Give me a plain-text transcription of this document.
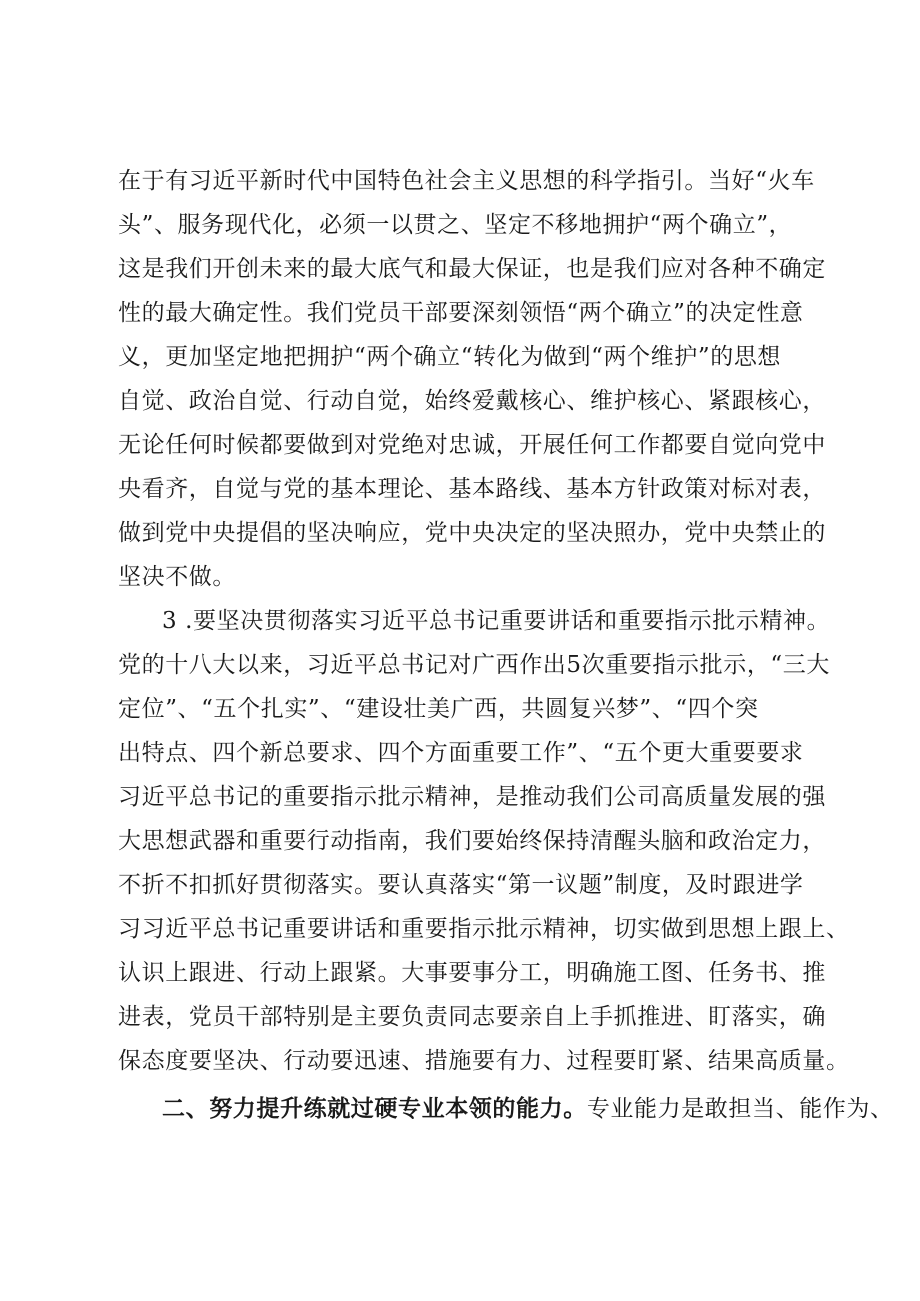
在于有习近平新时代中国特色社会主义思想的科学指引。当好“火车
头”、服务现代化，必须一以贯之、坚定不移地拥护“两个确立”，
这是我们开创未来的最大底气和最大保证，也是我们应对各种不确定
性的最大确定性。我们党员干部要深刻领悟“两个确立”的决定性意
义，更加坚定地把拥护“两个确立“转化为做到“两个维护”的思想
自觉、政治自觉、行动自觉，始终爱戴核心、维护核心、紧跟核心，
无论任何时候都要做到对党绝对忠诚，开展任何工作都要自觉向党中
央看齐，自觉与党的基本理论、基本路线、基本方针政策对标对表，
做到党中央提倡的坚决响应，党中央决定的坚决照办，党中央禁止的
坚决不做。
3 .要坚决贯彻落实习近平总书记重要讲话和重要指示批示精神。
党的十八大以来，习近平总书记对广西作出5次重要指示批示，“三大
定位”、“五个扎实”、“建设壮美广西，共圆复兴梦”、“四个突
出特点、四个新总要求、四个方面重要工作”、“五个更大重要要求
习近平总书记的重要指示批示精神，是推动我们公司高质量发展的强
大思想武器和重要行动指南，我们要始终保持清醒头脑和政治定力，
不折不扣抓好贯彻落实。要认真落实“第一议题”制度，及时跟进学
习习近平总书记重要讲话和重要指示批示精神，切实做到思想上跟上、
认识上跟进、行动上跟紧。大事要事分工，明确施工图、任务书、推
进表，党员干部特别是主要负责同志要亲自上手抓推进、盯落实，确
保态度要坚决、行动要迅速、措施要有力、过程要盯紧、结果高质量。
二、努力提升练就过硬专业本领的能力。专业能力是敢担当、能作为、
